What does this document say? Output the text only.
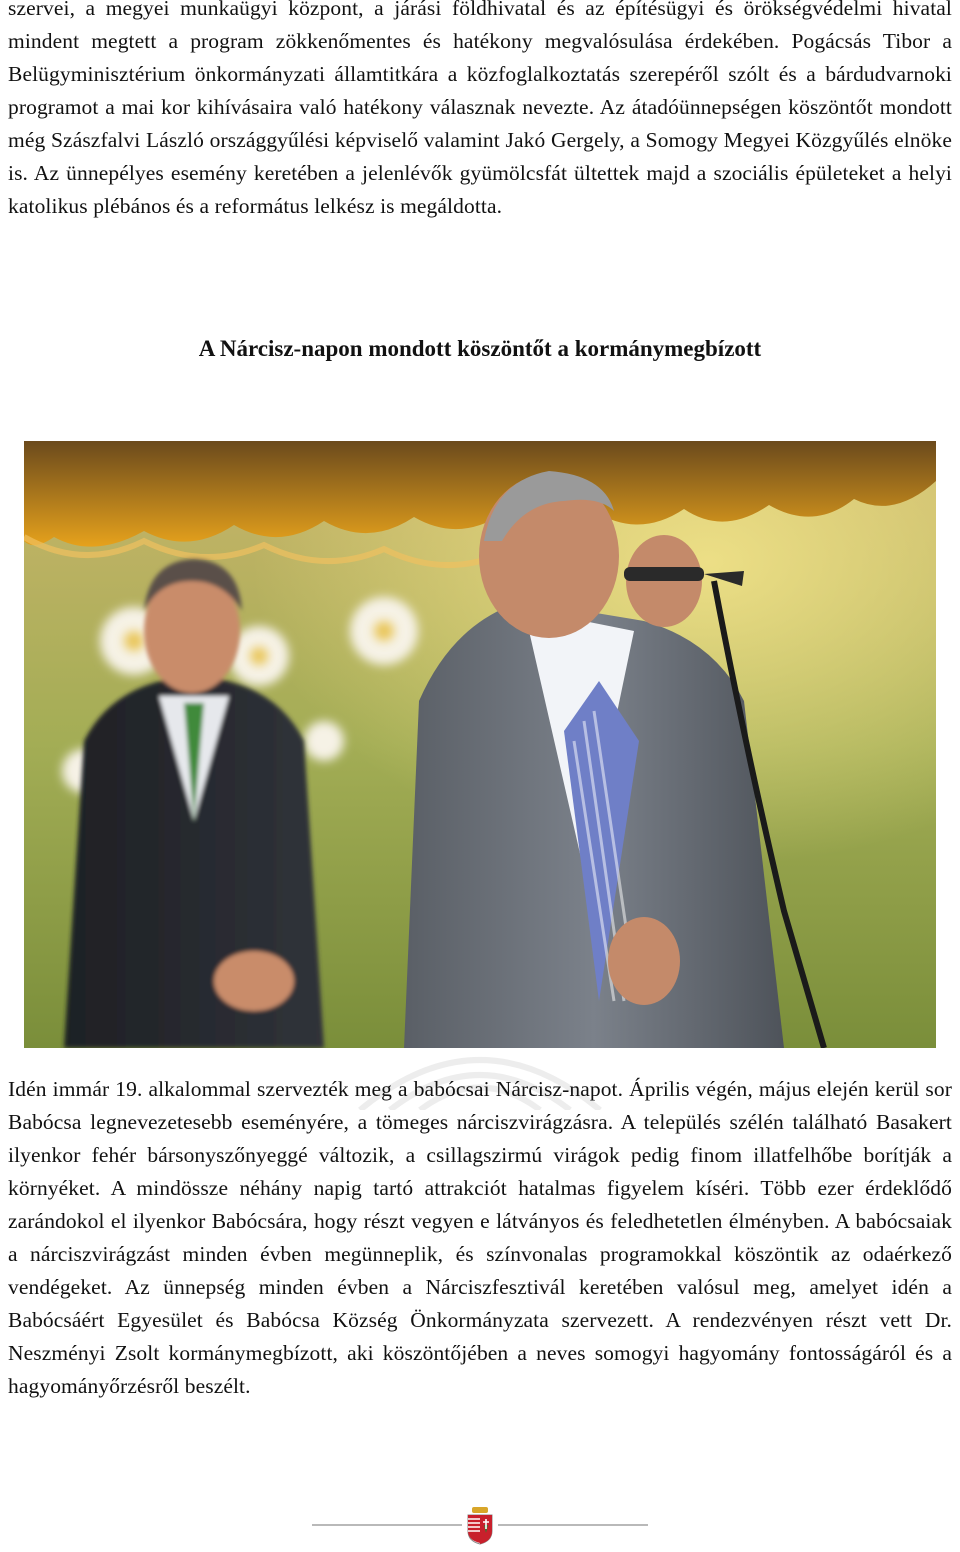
szervei, a megyei munkaügyi központ, a járási földhivatal és az építésügyi és örökségvédelmi hivatal mindent megtett a program zökkenőmentes és hatékony megvalósulása érdekében. Pogácsás Tibor a Belügyminisztérium önkormányzati államtitkára a közfoglalkoztatás szerepéről szólt és a bárdudvarnoki programot a mai kor kihívásaira való hatékony válasznak nevezte. Az átadóünnepségen köszöntőt mondott még Szászfalvi László országgyűlési képviselő valamint Jakó Gergely, a Somogy Megyei Közgyűlés elnöke is. Az ünnepélyes esemény keretében a jelenlévők gyümölcsfát ültettek majd a szociális épületeket a helyi katolikus plébános és a református lelkész is megáldotta.

A Nárcisz-napon mondott köszöntőt a kormánymegbízott

Idén immár 19. alkalommal szervezték meg a babócsai Nárcisz-napot. Április végén, május elején kerül sor Babócsa legnevezetesebb eseményére, a tömeges nárciszvirágzásra. A település szélén található Basakert ilyenkor fehér bársonyszőnyeggé változik, a csillagszirmú virágok pedig finom illatfelhőbe borítják a környéket. A mindössze néhány napig tartó attrakciót hatalmas figyelem kíséri. Több ezer érdeklődő zarándokol el ilyenkor Babócsára, hogy részt vegyen e látványos és feledhetetlen élményben. A babócsaiak a nárciszvirágzást minden évben megünneplik, és színvonalas programokkal köszöntik az odaérkező vendégeket. Az ünnepség minden évben a Nárciszfesztivál keretében valósul meg, amelyet idén a Babócsáért Egyesület és Babócsa Község Önkormányzata szervezett. A rendezvényen részt vett Dr. Neszményi Zsolt kormánymegbízott, aki köszöntőjében a neves somogyi hagyomány fontosságáról és a hagyományőrzésről beszélt.
